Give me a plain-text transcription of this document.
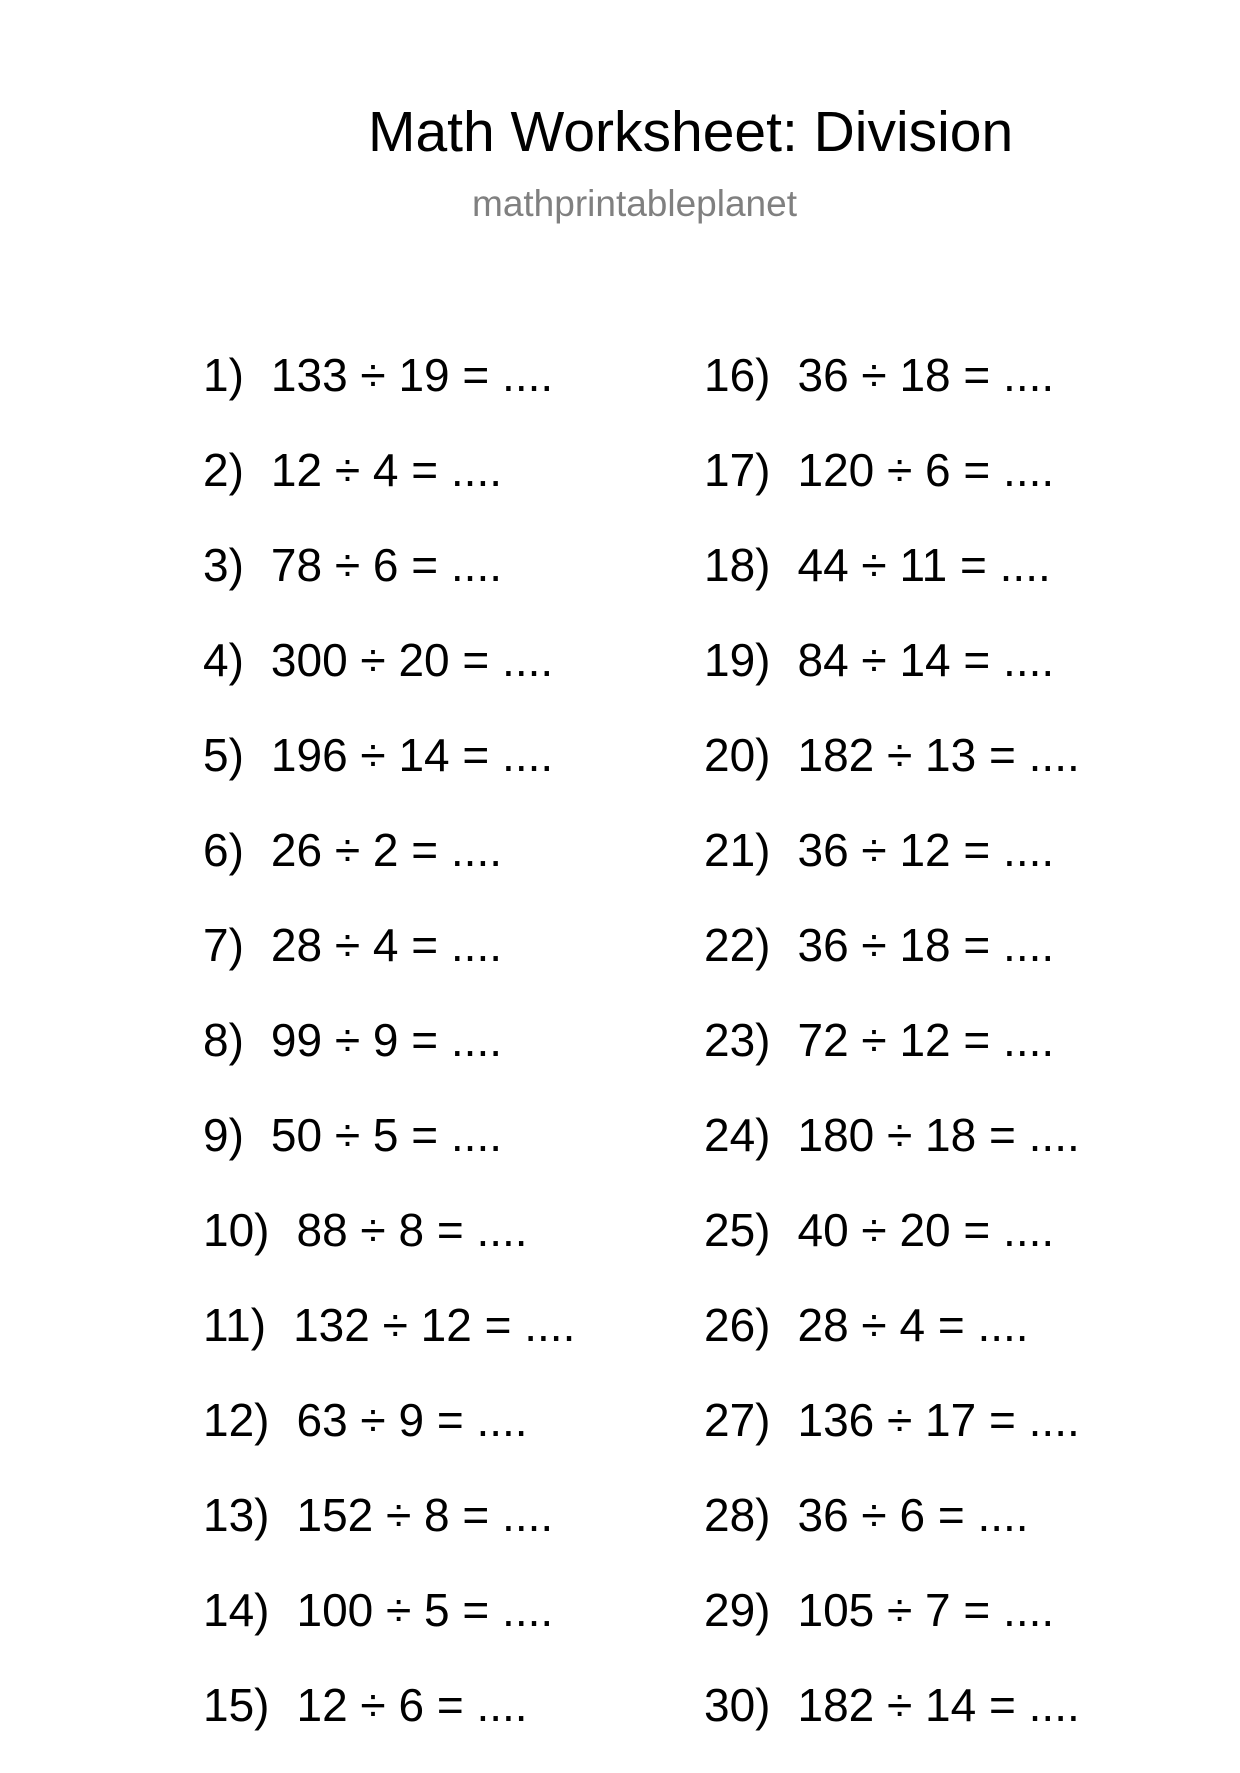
Math Worksheet: Division
mathprintableplanet
1) 133 ÷ 19 = ....
2) 12 ÷ 4 = ....
3) 78 ÷ 6 = ....
4) 300 ÷ 20 = ....
5) 196 ÷ 14 = ....
6) 26 ÷ 2 = ....
7) 28 ÷ 4 = ....
8) 99 ÷ 9 = ....
9) 50 ÷ 5 = ....
10) 88 ÷ 8 = ....
11) 132 ÷ 12 = ....
12) 63 ÷ 9 = ....
13) 152 ÷ 8 = ....
14) 100 ÷ 5 = ....
15) 12 ÷ 6 = ....
16) 36 ÷ 18 = ....
17) 120 ÷ 6 = ....
18) 44 ÷ 11 = ....
19) 84 ÷ 14 = ....
20) 182 ÷ 13 = ....
21) 36 ÷ 12 = ....
22) 36 ÷ 18 = ....
23) 72 ÷ 12 = ....
24) 180 ÷ 18 = ....
25) 40 ÷ 20 = ....
26) 28 ÷ 4 = ....
27) 136 ÷ 17 = ....
28) 36 ÷ 6 = ....
29) 105 ÷ 7 = ....
30) 182 ÷ 14 = ....
